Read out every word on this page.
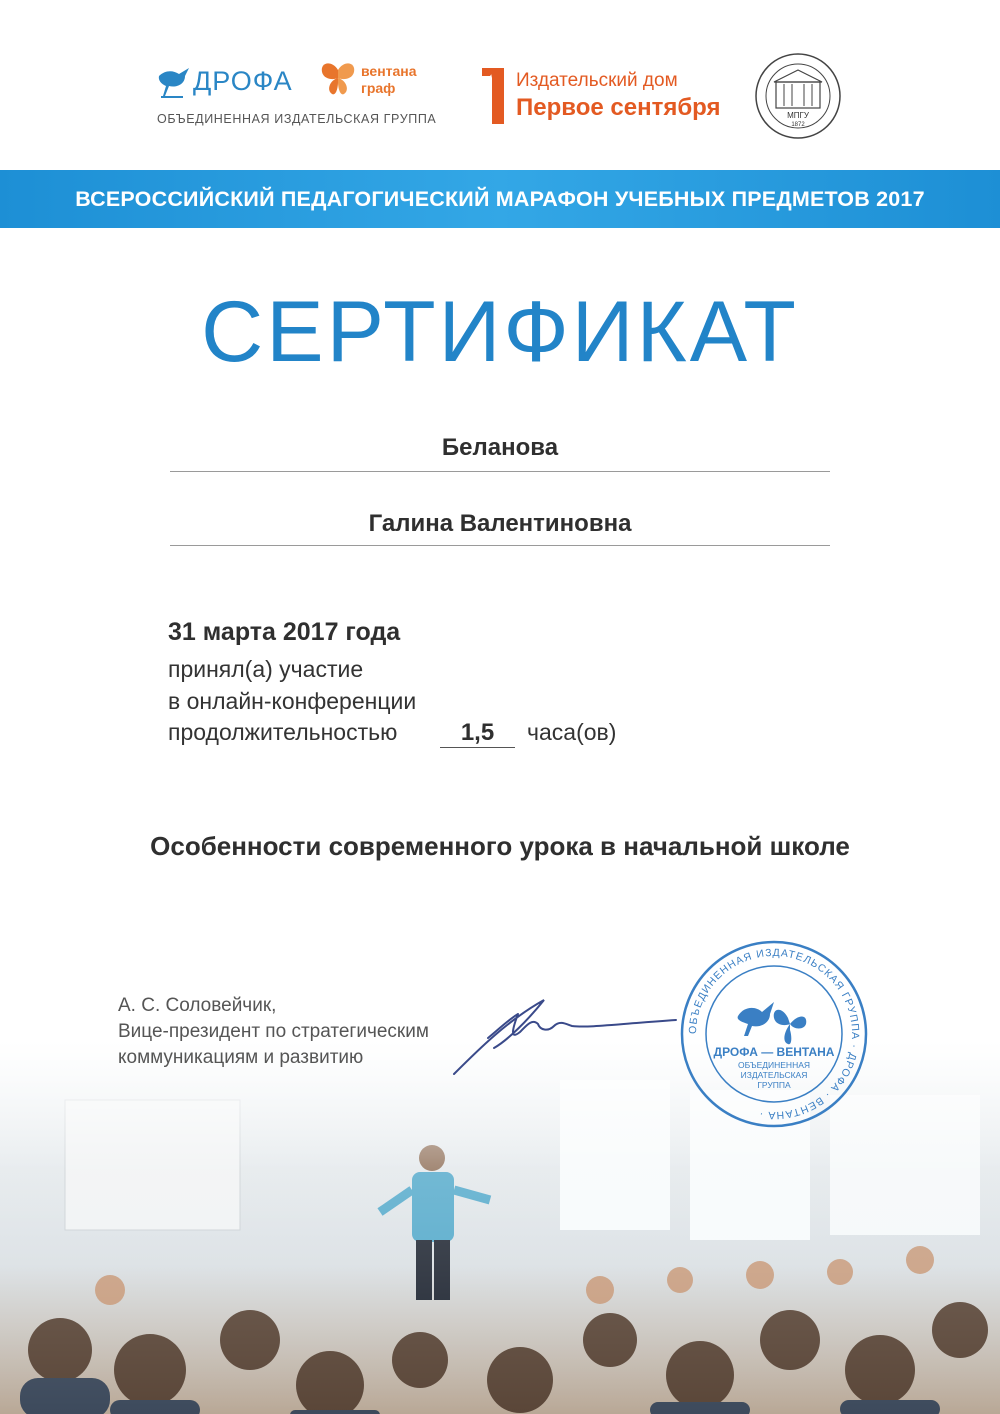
ДРОФА	вентана
граф
ОБЪЕДИНЕННАЯ ИЗДАТЕЛЬСКАЯ ГРУППА
Издательский дом
Первое сентября	МПГУ
1872
ВСЕРОССИЙСКИЙ ПЕДАГОГИЧЕСКИЙ МАРАФОН УЧЕБНЫХ ПРЕДМЕТОВ 2017
СЕРТИФИКАТ
Беланова
Галина Валентиновна
31 марта 2017 года
принял(а) участие
в онлайн-конференции
продолжительностью	1,5	часа(ов)
Особенности современного урока в начальной школе
А. С. Соловейчик,
Вице-президент по стратегическим
коммуникациям и развитию
ОБЪЕДИНЕННАЯ ИЗДАТЕЛЬСКАЯ ГРУППА · ДРОФА · ВЕНТАНА ·
ДРОФА — ВЕНТАНА
ОБЪЕДИНЕННАЯ
ИЗДАТЕЛЬСКАЯ
ГРУППА
